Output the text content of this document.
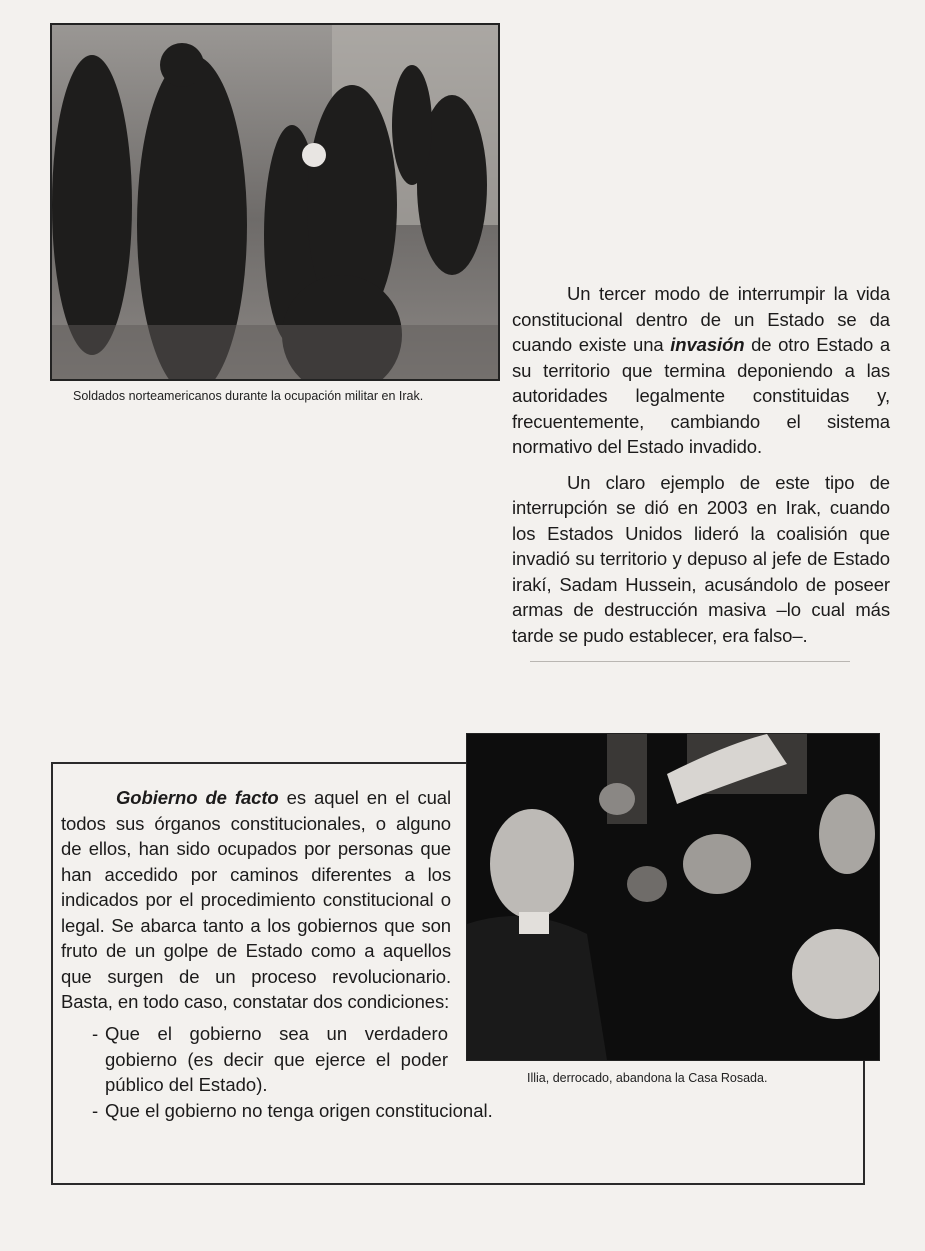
Soldados norteamericanos durante la ocupación militar en Irak.

Un tercer modo de interrumpir la vida constitucional dentro de un Estado se da cuando existe una invasión de otro Estado a su territorio que termina deponiendo a las autoridades legalmente constituidas y, frecuentemente, cambiando el sistema normativo del Estado invadido.

Un claro ejemplo de este tipo de interrupción se dió en 2003 en Irak, cuando los Estados Unidos lideró la coalisión que invadió su territorio y depuso al jefe de Estado irakí, Sadam Hussein, acusándolo de poseer armas de destrucción masiva –lo cual más tarde se pudo establecer, era falso–.

Gobierno de facto es aquel en el cual todos sus órganos constitucionales, o alguno de ellos, han sido ocupados por personas que han accedido por caminos diferentes a los indicados por el procedimiento constitucional o legal. Se abarca tanto a los gobiernos que son fruto de un golpe de Estado como a aquellos que surgen de un proceso revolucionario. Basta, en todo caso, constatar dos condiciones:

- Que el gobierno sea un verdadero gobierno (es decir que ejerce el poder público del Estado).
- Que el gobierno no tenga origen constitucional.
Illia, derrocado, abandona la Casa Rosada.
